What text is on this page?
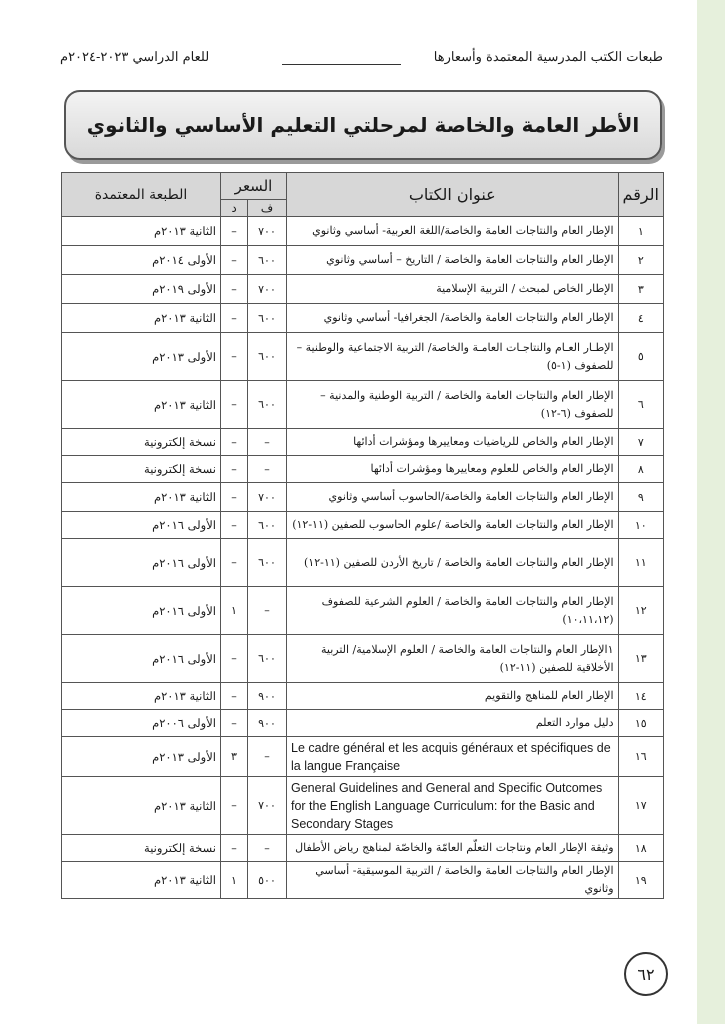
طبعات الكتب المدرسية المعتمدة وأسعارها
للعام الدراسي ٢٠٢٣-٢٠٢٤م
الأطر العامة والخاصة لمرحلتي التعليم الأساسي والثانوي
الرقم	عنوان الكتاب	السعر		الطبعة المعتمدة
		ف	د	
١	الإطار العام والنتاجات العامة والخاصة/اللغة العربية- أساسي وثانوي	٧٠٠	–	الثانية ٢٠١٣م
٢	الإطار العام والنتاجات العامة والخاصة / التاريخ – أساسي وثانوي	٦٠٠	–	الأولى ٢٠١٤م
٣	الإطار الخاص لمبحث / التربية الإسلامية	٧٠٠	–	الأولى ٢٠١٩م
٤	الإطار العام والنتاجات العامة والخاصة/ الجغرافيا- أساسي وثانوي	٦٠٠	–	الثانية ٢٠١٣م
٥	الإطـار العـام والنتاجـات العامـة والخاصة/ التربية الاجتماعية والوطنية – للصفوف (١-٥)	٦٠٠	–	الأولى ٢٠١٣م
٦	الإطار العام والنتاجات العامة والخاصة / التربية الوطنية والمدنية – للصفوف (٦-١٢)	٦٠٠	–	الثانية ٢٠١٣م
٧	الإطار العام والخاص للرياضيات ومعاييرها ومؤشرات أدائها	–	–	نسخة إلكترونية
٨	الإطار العام والخاص للعلوم ومعاييرها ومؤشرات أدائها	–	–	نسخة إلكترونية
٩	الإطار العام والنتاجات العامة والخاصة/الحاسوب أساسي وثانوي	٧٠٠	–	الثانية ٢٠١٣م
١٠	الإطار العام والنتاجات العامة والخاصة /علوم الحاسوب للصفين (١١-١٢)	٦٠٠	–	الأولى ٢٠١٦م
١١	الإطار العام والنتاجات العامة والخاصة / تاريخ الأردن للصفين (١١-١٢)	٦٠٠	–	الأولى ٢٠١٦م
١٢	الإطار العام والنتاجات العامة والخاصة / العلوم الشرعية للصفوف (١٠،١١،١٢)	–	١	الأولى ٢٠١٦م
١٣	١الإطار العام والنتاجات العامة والخاصة / العلوم الإسلامية/ التربية الأخلاقية للصفين (١١-١٢)	٦٠٠	–	الأولى ٢٠١٦م
١٤	الإطار العام للمناهج والتقويم	٩٠٠	–	الثانية ٢٠١٣م
١٥	دليل موارد التعلم	٩٠٠	–	الأولى ٢٠٠٦م
١٦	Le cadre général et les acquis généraux et spécifiques de la langue Française	–	٣	الأولى ٢٠١٣م
١٧	General Guidelines and General and Specific Outcomes for the English Language Curriculum: for the Basic and Secondary Stages	٧٠٠	–	الثانية ٢٠١٣م
١٨	وثيقة الإطار العام ونتاجات التعلّم العامّة والخاصّة لمناهج رياض الأطفال	–	–	نسخة إلكترونية
١٩	الإطار العام والنتاجات العامة والخاصة / التربية الموسيقية- أساسي وثانوي	٥٠٠	١	الثانية ٢٠١٣م
٦٢
